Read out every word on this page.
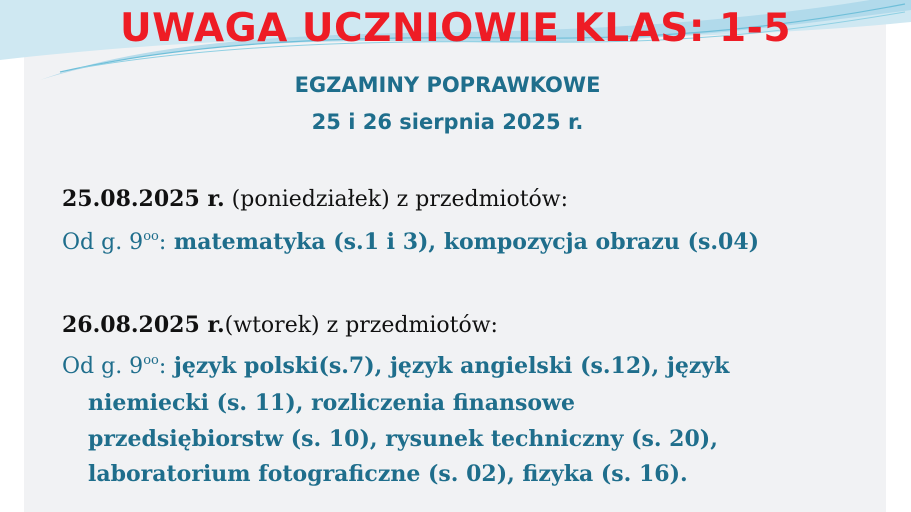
UWAGA UCZNIOWIE KLAS: 1-5
EGZAMINY POPRAWKOWE
25 i 26 sierpnia 2025 r.
25.08.2025 r. (poniedziałek) z przedmiotów:
Od g. $9^{oo}$: matematyka (s.1 i 3), kompozycja obrazu (s.04)
26.08.2025 r.(wtorek) z przedmiotów:
Od g. $9^{oo}$: język polski(s.7), język angielski (s.12), język
niemiecki (s. 11), rozliczenia finansowe
przedsiębiorstw (s. 10), rysunek techniczny (s. 20),
laboratorium fotograficzne (s. 02), fizyka (s. 16).
